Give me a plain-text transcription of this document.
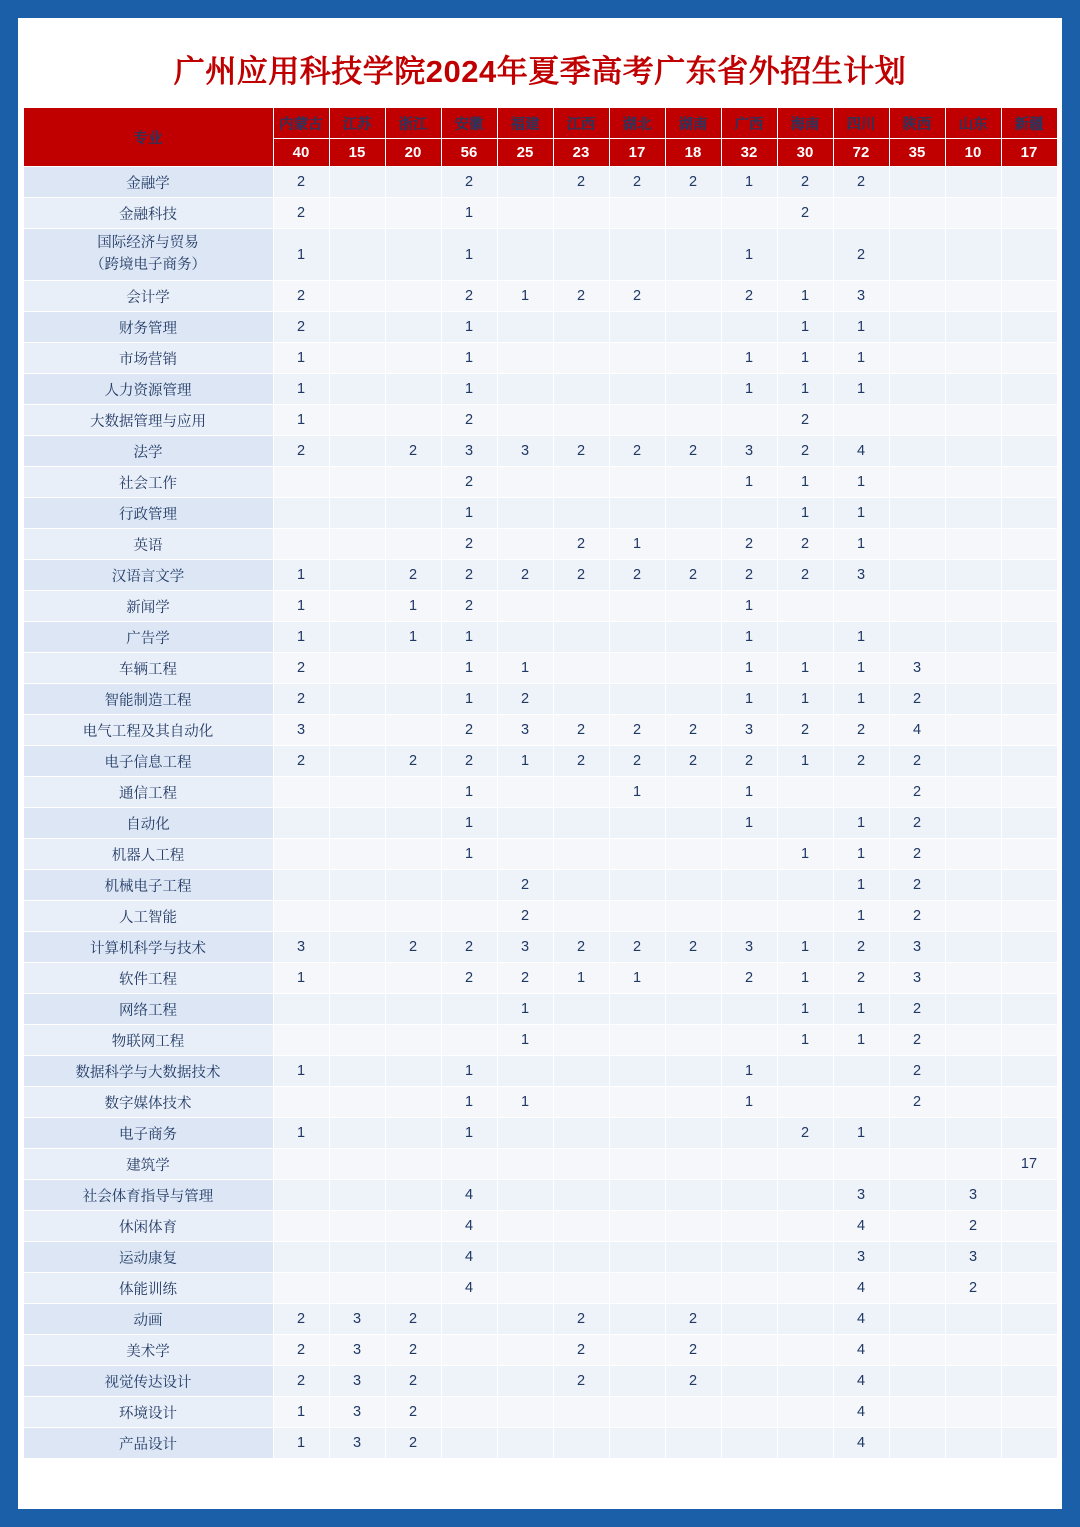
广州应用科技学院2024年夏季高考广东省外招生计划
专业	内蒙古	江苏	浙江	安徽	福建	江西	湖北	湖南	广西	海南	四川	陕西	山东	新疆
	40	15	20	56	25	23	17	18	32	30	72	35	10	17
金融学	2			2		2	2	2	1	2	2			
金融科技	2			1						2				

国际经济与贸易
（跨境电子商务）	1			1					1		2			
会计学	2			2	1	2	2		2	1	3			
财务管理	2			1						1	1			
市场营销	1			1					1	1	1			
人力资源管理	1			1					1	1	1			
大数据管理与应用	1			2						2				
法学	2		2	3	3	2	2	2	3	2	4			
社会工作				2					1	1	1			
行政管理				1						1	1			
英语				2		2	1		2	2	1			
汉语言文学	1		2	2	2	2	2	2	2	2	3			
新闻学	1		1	2					1					
广告学	1		1	1					1		1			
车辆工程	2			1	1				1	1	1	3		
智能制造工程	2			1	2				1	1	1	2		
电气工程及其自动化	3			2	3	2	2	2	3	2	2	4		
电子信息工程	2		2	2	1	2	2	2	2	1	2	2		
通信工程				1			1		1			2		
自动化				1					1		1	2		
机器人工程				1						1	1	2		
机械电子工程					2						1	2		
人工智能					2						1	2		
计算机科学与技术	3		2	2	3	2	2	2	3	1	2	3		
软件工程	1			2	2	1	1		2	1	2	3		
网络工程					1					1	1	2		
物联网工程					1					1	1	2		
数据科学与大数据技术	1			1					1			2		
数字媒体技术				1	1				1			2		
电子商务	1			1						2	1			
建筑学														17
社会体育指导与管理				4							3		3	
休闲体育				4							4		2	
运动康复				4							3		3	
体能训练				4							4		2	
动画	2	3	2			2		2			4			
美术学	2	3	2			2		2			4			
视觉传达设计	2	3	2			2		2			4			
环境设计	1	3	2								4			
产品设计	1	3	2								4			
